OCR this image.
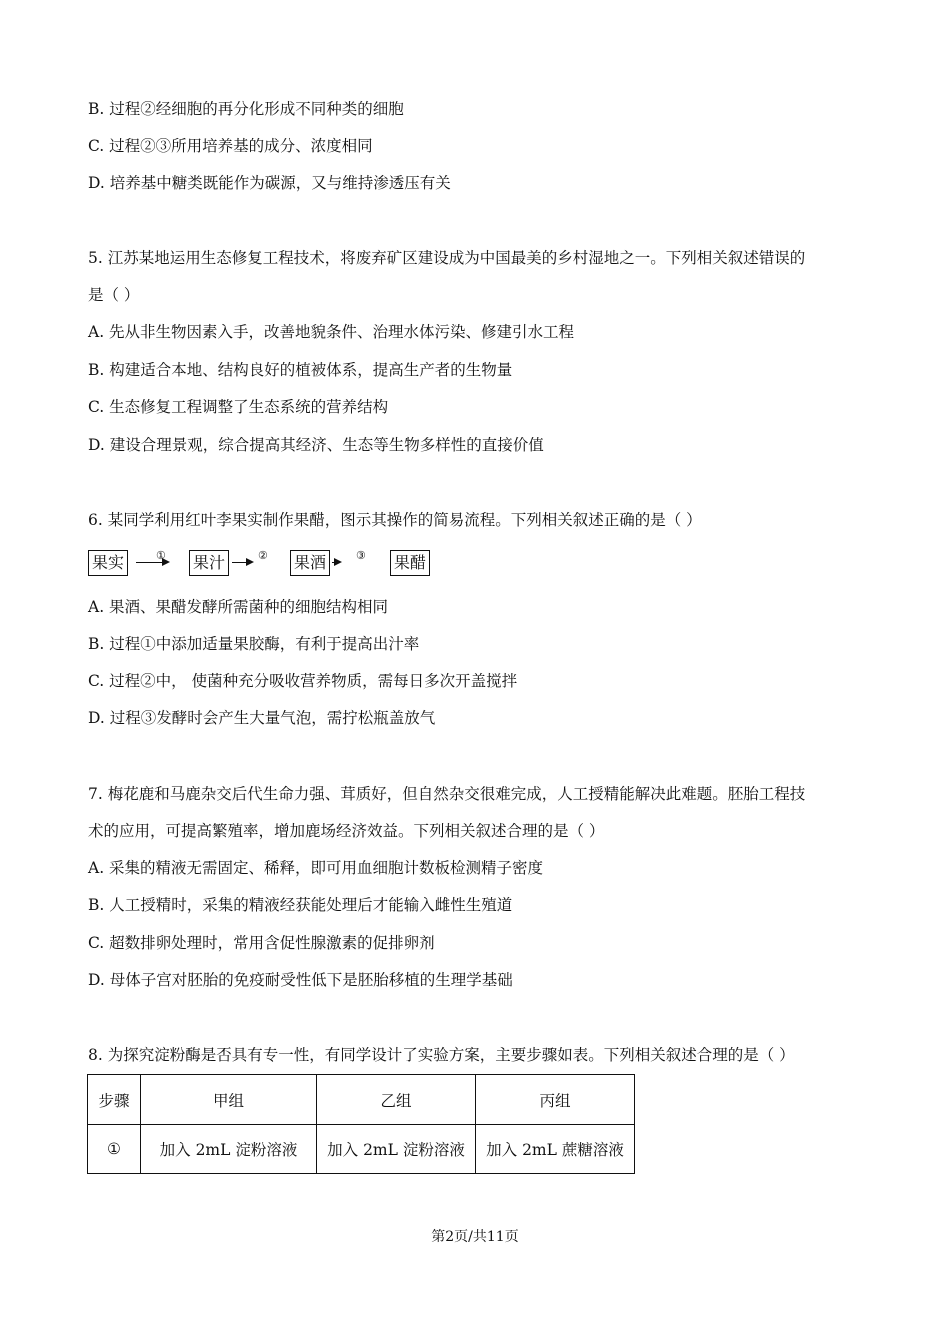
B. 过程②经细胞的再分化形成不同种类的细胞
C. 过程②③所用培养基的成分、浓度相同
D. 培养基中糖类既能作为碳源，又与维持渗透压有关
5. 江苏某地运用生态修复工程技术，将废弃矿区建设成为中国最美的乡村湿地之一。下列相关叙述错误的
是（ ）
A. 先从非生物因素入手，改善地貌条件、治理水体污染、修建引水工程
B. 构建适合本地、结构良好的植被体系，提高生产者的生物量
C. 生态修复工程调整了生态系统的营养结构
D. 建设合理景观，综合提高其经济、生态等生物多样性的直接价值
6. 某同学利用红叶李果实制作果醋，图示其操作的简易流程。下列相关叙述正确的是（ ）
果实	① 果汁	② 果酒	③ 果醋
A. 果酒、果醋发酵所需菌种的细胞结构相同
B. 过程①中添加适量果胶酶，有利于提高出汁率
C. 过程②中， 使菌种充分吸收营养物质，需每日多次开盖搅拌
D. 过程③发酵时会产生大量气泡，需拧松瓶盖放气
7. 梅花鹿和马鹿杂交后代生命力强、茸质好，但自然杂交很难完成，人工授精能解决此难题。胚胎工程技
术的应用，可提高繁殖率，增加鹿场经济效益。下列相关叙述合理的是（ ）
A. 采集的精液无需固定、稀释，即可用血细胞计数板检测精子密度
B. 人工授精时，采集的精液经获能处理后才能输入雌性生殖道
C. 超数排卵处理时，常用含促性腺激素的促排卵剂
D. 母体子宫对胚胎的免疫耐受性低下是胚胎移植的生理学基础
8. 为探究淀粉酶是否具有专一性，有同学设计了实验方案，主要步骤如表。下列相关叙述合理的是（ ）
步骤	甲组	乙组	丙组
①	加入 2mL 淀粉溶液	加入 2mL 淀粉溶液	加入 2mL 蔗糖溶液
第2页/共11页
